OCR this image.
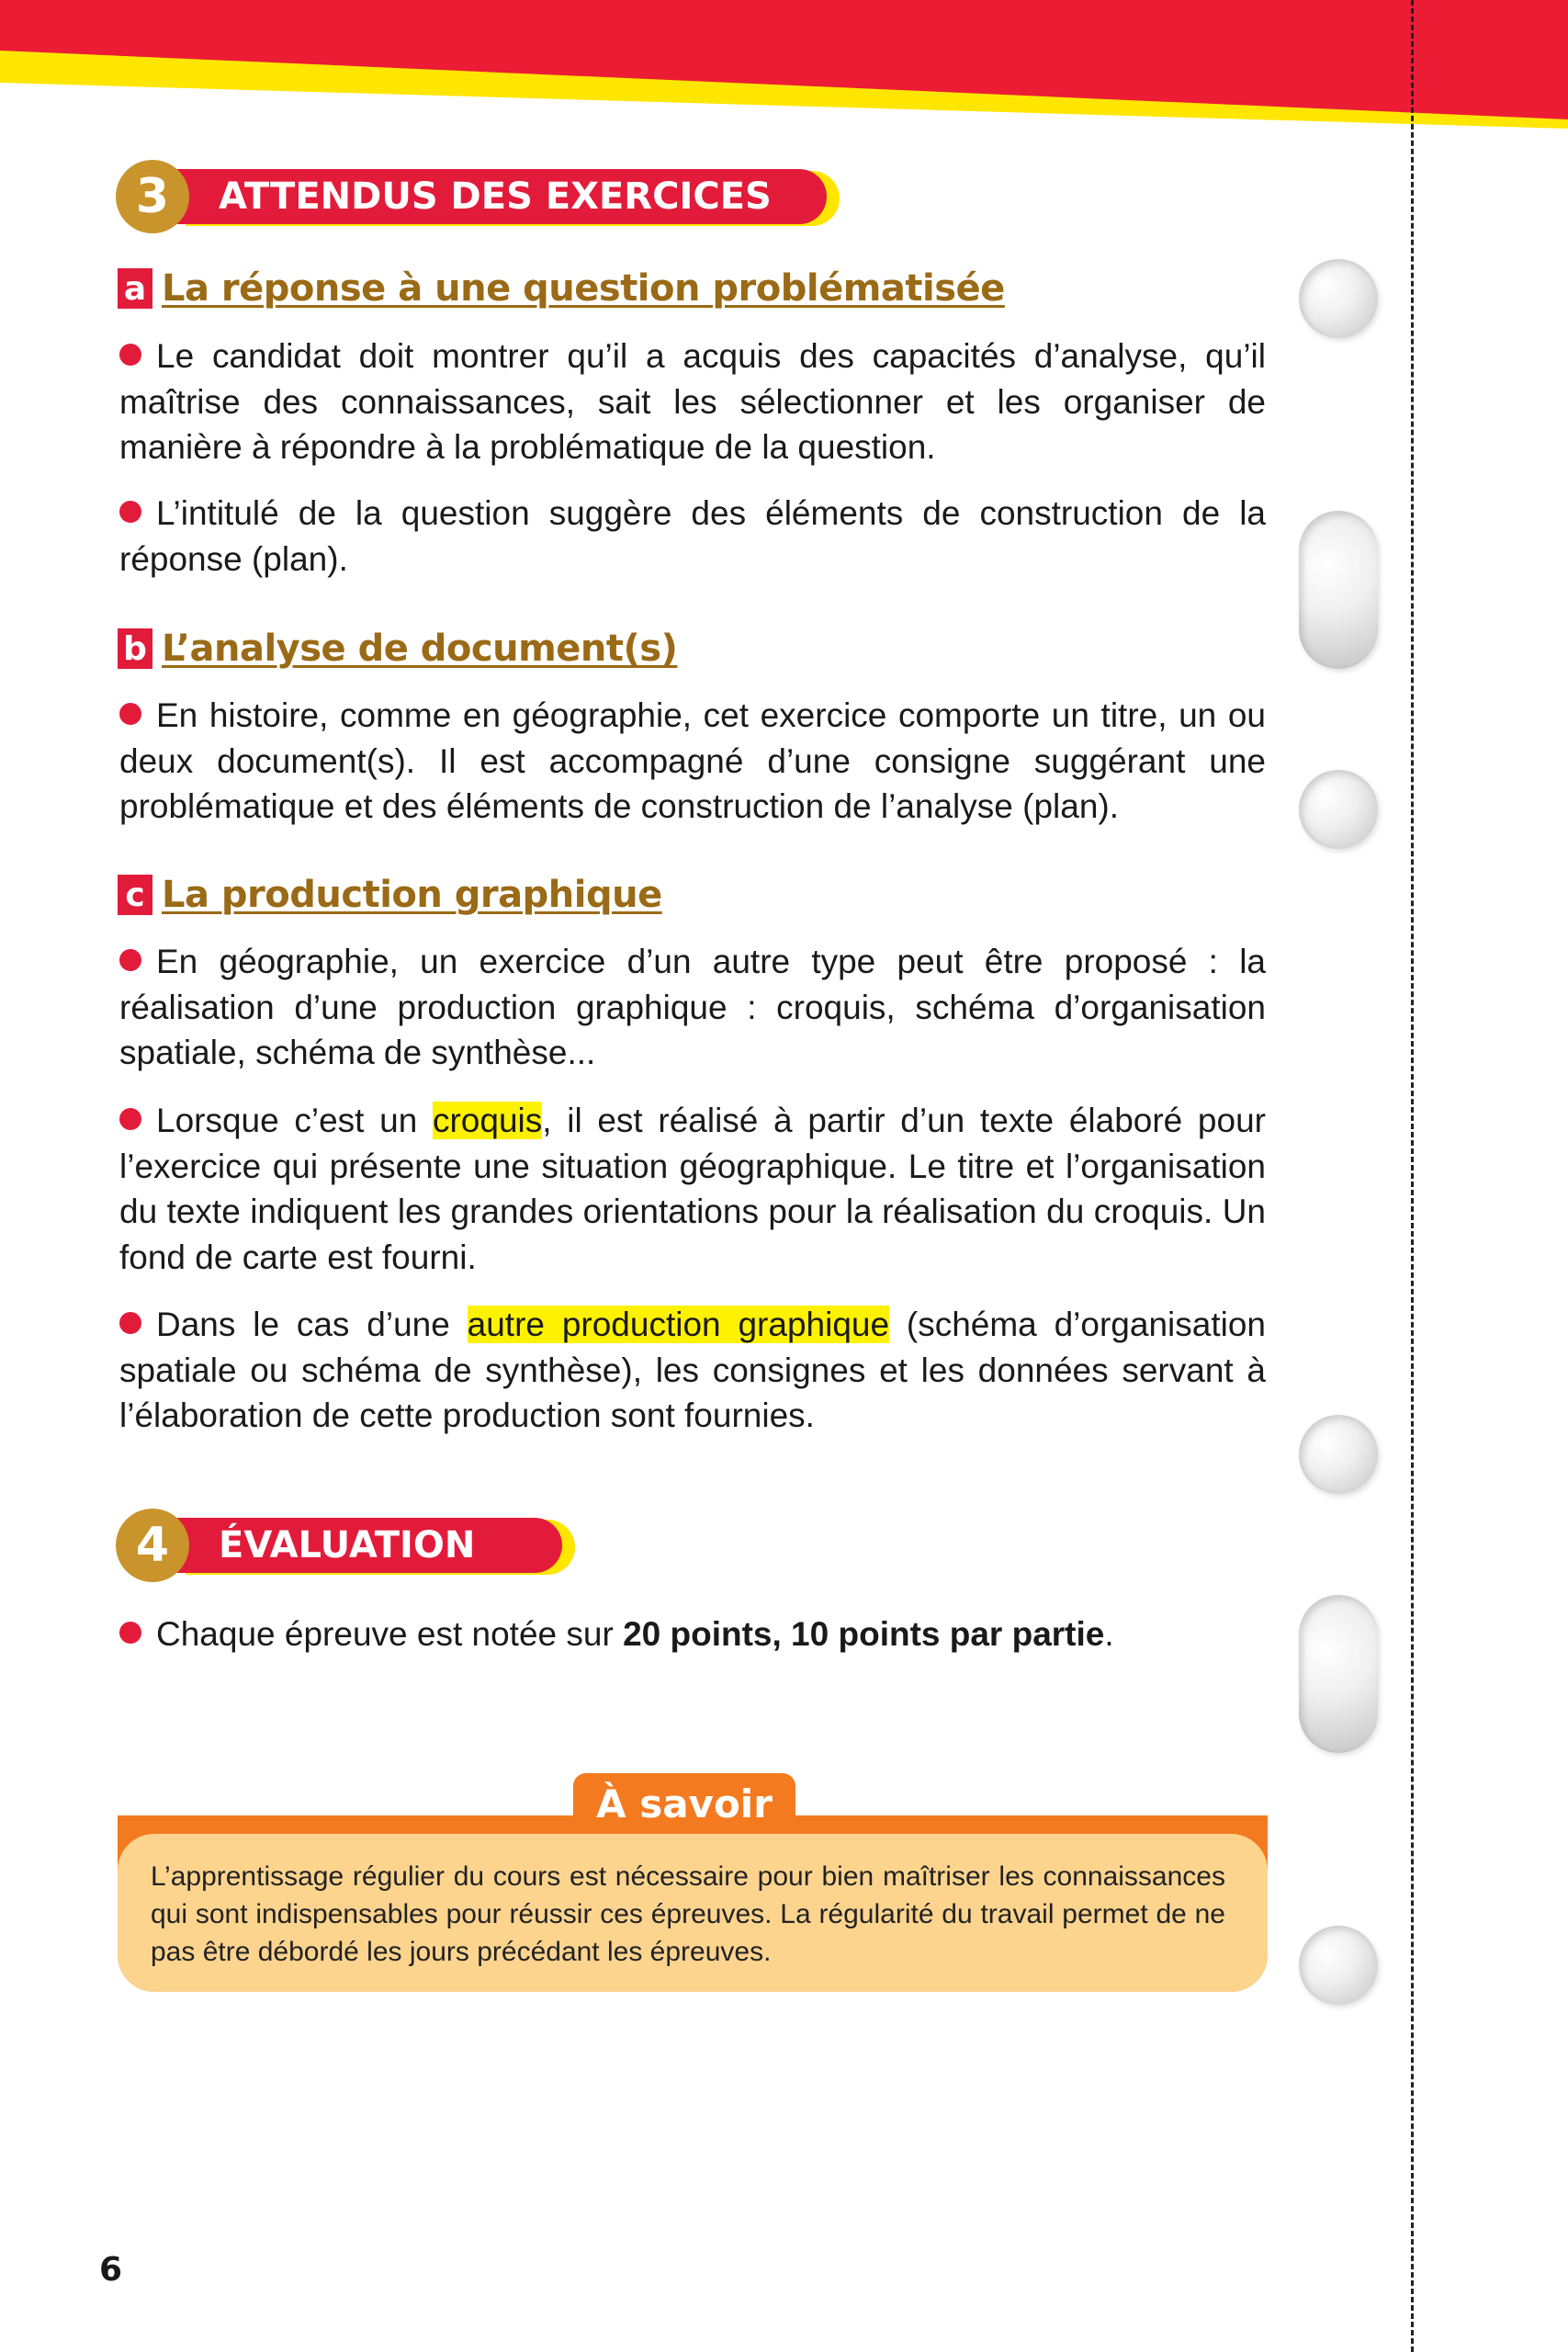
3	ATTENDUS DES EXERCICES
a La réponse à une question problématisée
Le candidat doit montrer qu’il a acquis des capacités d’analyse, qu’il maîtrise des connaissances, sait les sélectionner et les organiser de manière à répondre à la problématique de la question.
L’intitulé de la question suggère des éléments de construction de la réponse (plan).
b L’analyse de document(s)
En histoire, comme en géographie, cet exercice comporte un titre, un ou deux document(s). Il est accompagné d’une consigne suggérant une problématique et des éléments de construction de l’analyse (plan).
c La production graphique
En géographie, un exercice d’un autre type peut être proposé : la réalisation d’une production graphique : croquis, schéma d’organisation spatiale, schéma de synthèse...
Lorsque c’est un croquis, il est réalisé à partir d’un texte élaboré pour l’exercice qui présente une situation géographique. Le titre et l’organisation du texte indiquent les grandes orientations pour la réalisation du croquis. Un fond de carte est fourni.
Dans le cas d’une autre production graphique (schéma d’organisation spatiale ou schéma de synthèse), les consignes et les données servant à l’élaboration de cette production sont fournies.
4	ÉVALUATION
Chaque épreuve est notée sur 20 points, 10 points par partie.
L’apprentissage régulier du cours est nécessaire pour bien maîtriser les connaissances qui sont indispensables pour réussir ces épreuves. La régularité du travail permet de ne pas être débordé les jours précédant les épreuves.
À savoir
6
